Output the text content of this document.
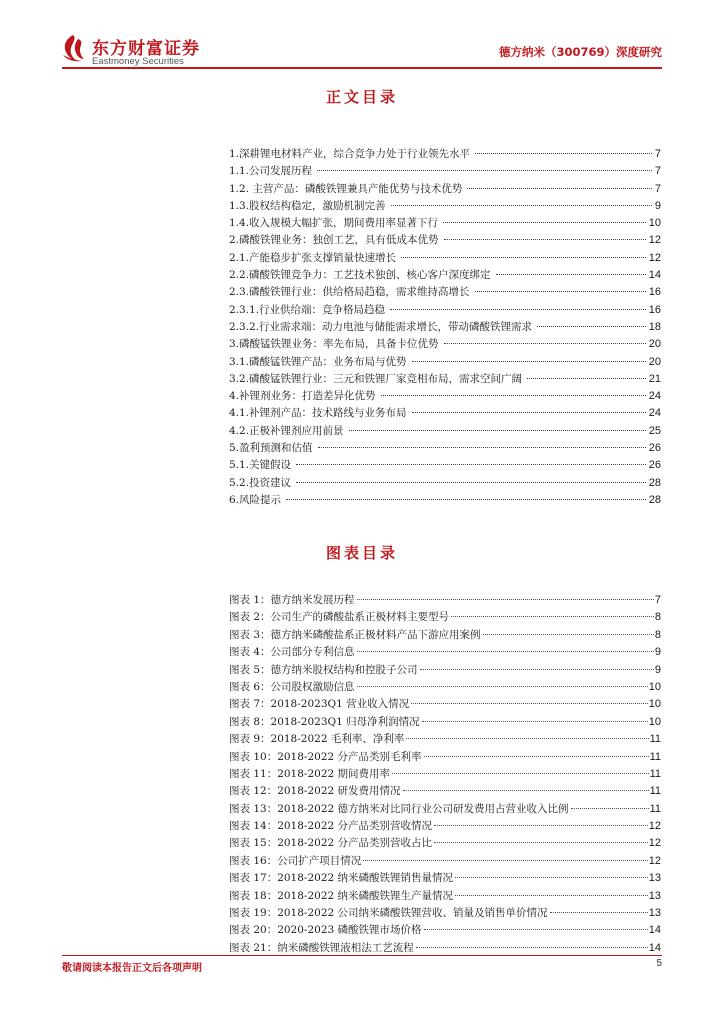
东方财富证券
Eastmoney Securities
德方纳米（300769）深度研究
正文目录
1.深耕锂电材料产业，综合竞争力处于行业领先水平	7
1.1.公司发展历程	7
1.2. 主营产品：磷酸铁锂兼具产能优势与技术优势	7
1.3.股权结构稳定，激励机制完善	9
1.4.收入规模大幅扩张，期间费用率显著下行	10
2.磷酸铁锂业务：独创工艺，具有低成本优势	12
2.1.产能稳步扩张支撑销量快速增长	12
2.2.磷酸铁锂竞争力：工艺技术独创、核心客户深度绑定	14
2.3.磷酸铁锂行业：供给格局趋稳，需求维持高增长	16
2.3.1.行业供给端：竞争格局趋稳	16
2.3.2.行业需求端：动力电池与储能需求增长，带动磷酸铁锂需求	18
3.磷酸锰铁锂业务：率先布局，具备卡位优势	20
3.1.磷酸锰铁锂产品：业务布局与优势	20
3.2.磷酸锰铁锂行业：三元和铁锂厂家竞相布局，需求空间广阔	21
4.补锂剂业务：打造差异化优势	24
4.1.补锂剂产品：技术路线与业务布局	24
4.2.正极补锂剂应用前景	25
5.盈利预测和估值	26
5.1.关键假设	26
5.2.投资建议	28
6.风险提示	28
图表目录
图表 1：德方纳米发展历程	7
图表 2：公司生产的磷酸盐系正极材料主要型号	8
图表 3：德方纳米磷酸盐系正极材料产品下游应用案例	8
图表 4：公司部分专利信息	9
图表 5：德方纳米股权结构和控股子公司	9
图表 6：公司股权激励信息	10
图表 7：2018-2023Q1 营业收入情况	10
图表 8：2018-2023Q1 归母净利润情况	10
图表 9：2018-2022 毛利率、净利率	11
图表 10：2018-2022 分产品类别毛利率	11
图表 11：2018-2022 期间费用率	11
图表 12：2018-2022 研发费用情况	11
图表 13：2018-2022 德方纳米对比同行业公司研发费用占营业收入比例	11
图表 14：2018-2022 分产品类别营收情况	12
图表 15：2018-2022 分产品类别营收占比	12
图表 16：公司扩产项目情况	12
图表 17：2018-2022 纳米磷酸铁锂销售量情况	13
图表 18：2018-2022 纳米磷酸铁锂生产量情况	13
图表 19：2018-2022 公司纳米磷酸铁锂营收、销量及销售单价情况	13
图表 20：2020-2023 磷酸铁锂市场价格	14
图表 21：纳米磷酸铁锂液相法工艺流程	14
敬请阅读本报告正文后各项声明	5
